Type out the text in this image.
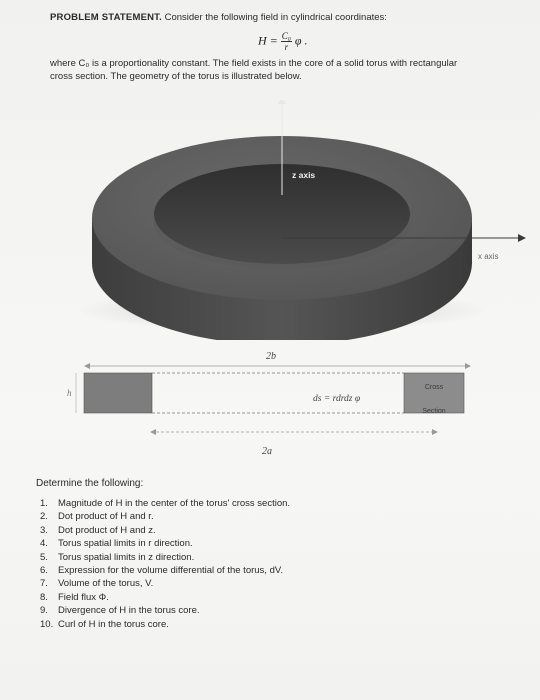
PROBLEM STATEMENT. Consider the following field in cylindrical coordinates:
$H = \frac{\text{C₀}}{r}$ φ .
where C₀ is a proportionality constant. The field exists in the core of a solid torus with rectangular cross section. The geometry of the torus is illustrated below.
z axis
x axis
2b
h
ds = rdrdz φ
Cross
Section
2a
Determine the following:
1. Magnitude of H in the center of the torus' cross section.
2. Dot product of H and r.
3. Dot product of H and z.
4. Torus spatial limits in r direction.
5. Torus spatial limits in z direction.
6. Expression for the volume differential of the torus, dV.
7. Volume of the torus, V.
8. Field flux Φ.
9. Divergence of H in the torus core.
10. Curl of H in the torus core.
